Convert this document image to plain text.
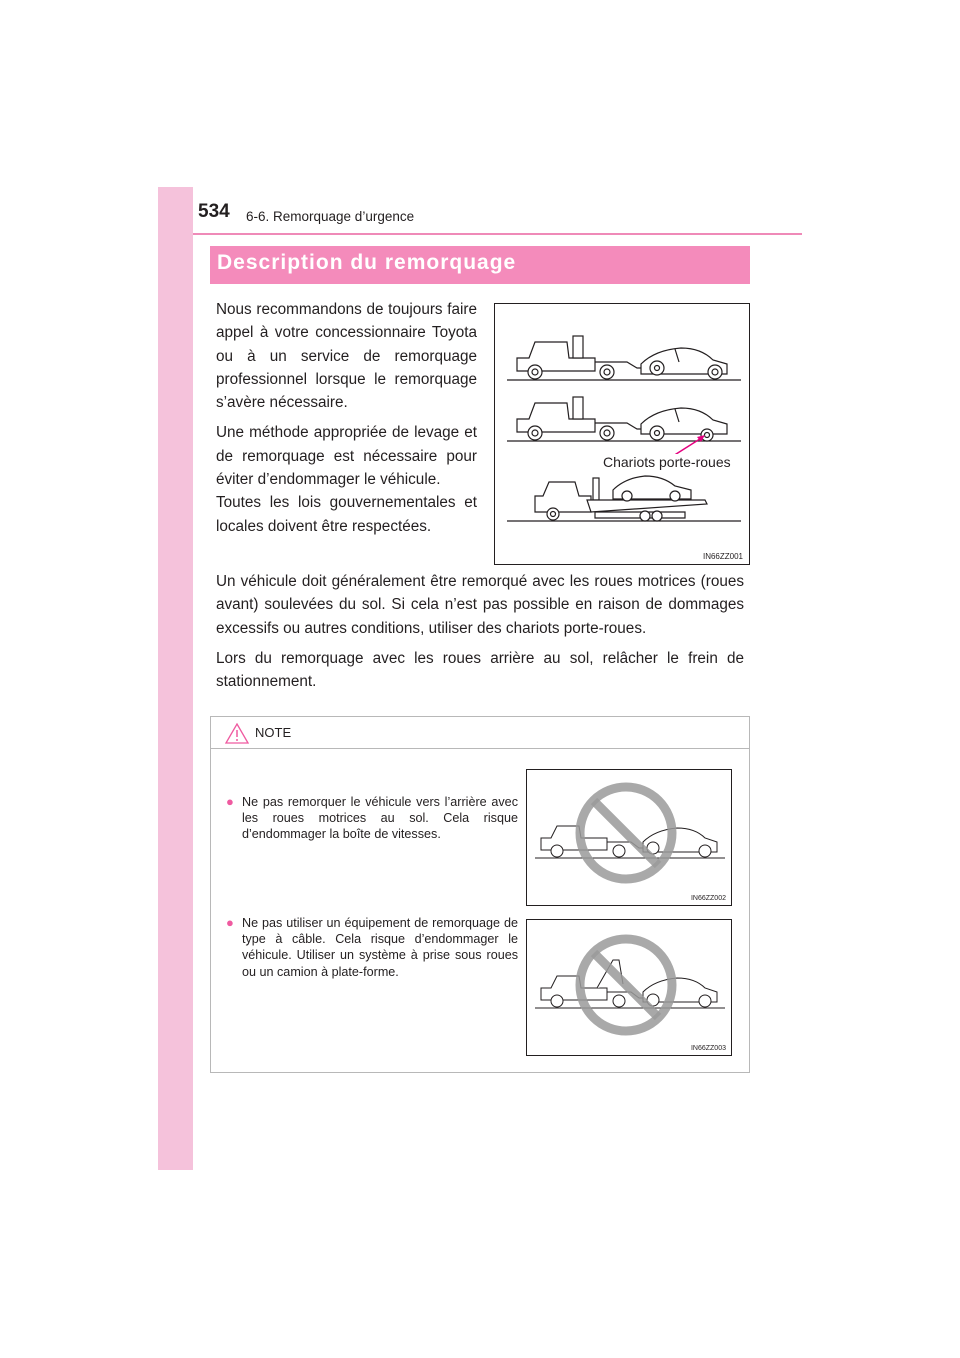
534 6-6. Remorquage d’urgence
Description du remorquage

Nous recommandons de toujours faire appel à votre concessionnaire Toyota ou à un service de remorquage professionnel lorsque le remorquage s’avère nécessaire.

Une méthode appropriée de levage et de remorquage est nécessaire pour éviter d’endommager le véhicule.

Toutes les lois gouvernementales et locales doivent être respectées.

Chariots porte-roues
IN66ZZ001

Un véhicule doit généralement être remorqué avec les roues motrices (roues avant) soulevées du sol. Si cela n’est pas possible en raison de dommages excessifs ou autres conditions, utiliser des chariots porte-roues.

Lors du remorquage avec les roues arrière au sol, relâcher le frein de stationnement.

NOTE
● Ne pas remorquer le véhicule vers l’arrière avec les roues motrices au sol. Cela risque d’endommager la boîte de vitesses.
● Ne pas utiliser un équipement de remorquage de type à câble. Cela risque d’endommager le véhicule. Utiliser un système à prise sous roues ou un camion à plate-forme.
IN66ZZ002
IN66ZZ003
